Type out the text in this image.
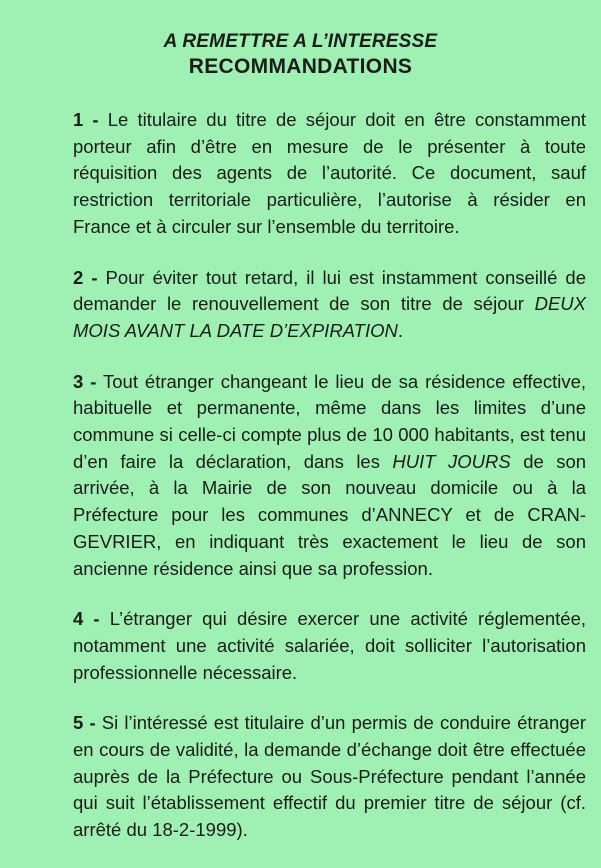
A REMETTRE A L’INTERESSE
RECOMMANDATIONS

1 - Le titulaire du titre de séjour doit en être constamment porteur afin d’être en mesure de le présenter à toute réquisition des agents de l’autorité. Ce document, sauf restriction territoriale particulière, l’autorise à résider en France et à circuler sur l’ensemble du territoire.

2 - Pour éviter tout retard, il lui est instamment conseillé de demander le renouvellement de son titre de séjour DEUX MOIS AVANT LA DATE D’EXPIRATION.

3 - Tout étranger changeant le lieu de sa résidence effective, habituelle et permanente, même dans les limites d’une commune si celle-ci compte plus de 10 000 habitants, est tenu d’en faire la déclaration, dans les HUIT JOURS de son arrivée, à la Mairie de son nouveau domicile ou à la Préfecture pour les communes d’ANNECY et de CRAN-GEVRIER, en indiquant très exactement le lieu de son ancienne résidence ainsi que sa profession.

4 - L’étranger qui désire exercer une activité réglementée, notamment une activité salariée, doit solliciter l’autorisation professionnelle nécessaire.

5 - Si l’intéressé est titulaire d’un permis de conduire étranger en cours de validité, la demande d’échange doit être effectuée auprès de la Préfecture ou Sous-Préfecture pendant l’année qui suit l’établissement effectif du premier titre de séjour (cf. arrêté du 18-2-1999).
